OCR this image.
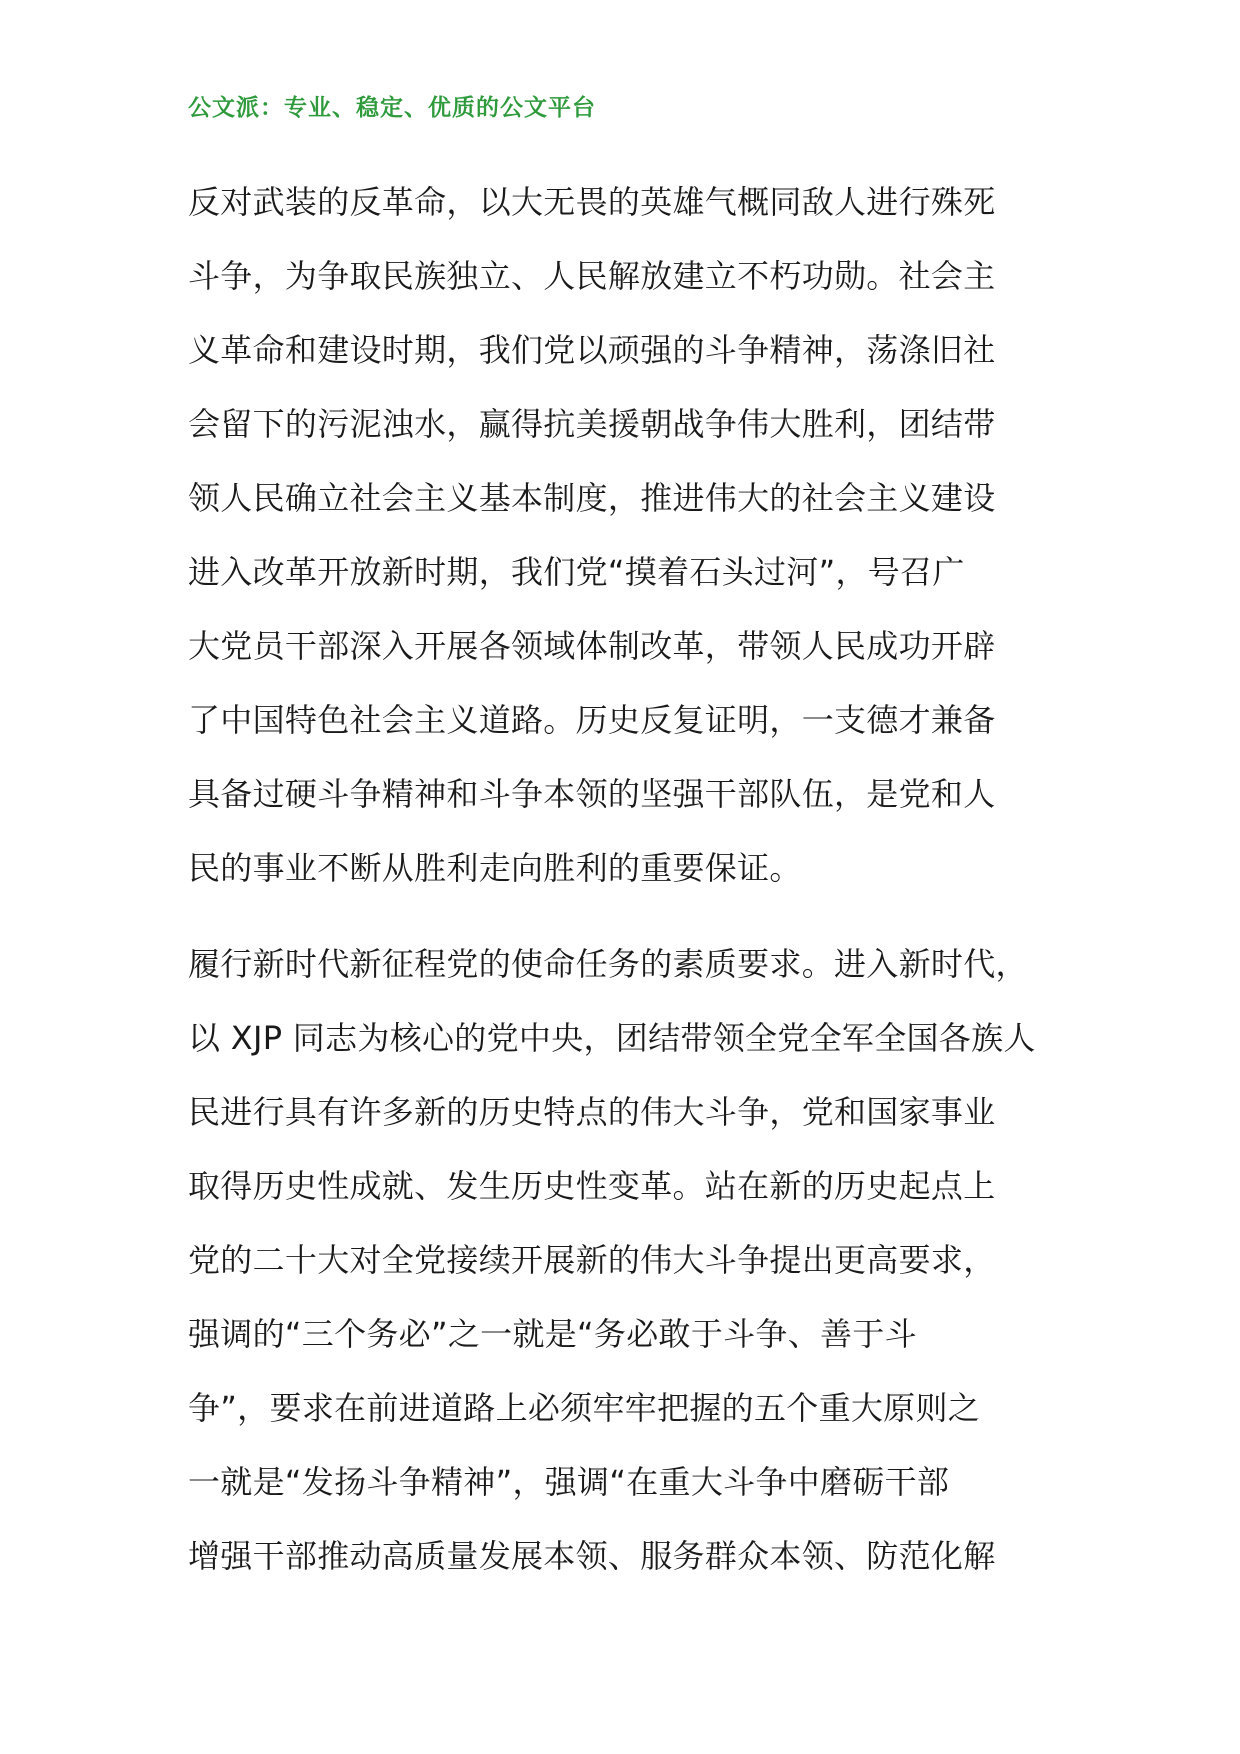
公文派：专业、稳定、优质的公文平台
反对武装的反革命，以大无畏的英雄气概同敌人进行殊死
斗争，为争取民族独立、人民解放建立不朽功勋。社会主
义革命和建设时期，我们党以顽强的斗争精神，荡涤旧社
会留下的污泥浊水，赢得抗美援朝战争伟大胜利，团结带
领人民确立社会主义基本制度，推进伟大的社会主义建设
进入改革开放新时期，我们党“摸着石头过河”，号召广
大党员干部深入开展各领域体制改革，带领人民成功开辟
了中国特色社会主义道路。历史反复证明，一支德才兼备
具备过硬斗争精神和斗争本领的坚强干部队伍，是党和人
民的事业不断从胜利走向胜利的重要保证。
履行新时代新征程党的使命任务的素质要求。进入新时代，
以 XJP 同志为核心的党中央，团结带领全党全军全国各族人
民进行具有许多新的历史特点的伟大斗争，党和国家事业
取得历史性成就、发生历史性变革。站在新的历史起点上
党的二十大对全党接续开展新的伟大斗争提出更高要求，
强调的“三个务必”之一就是“务必敢于斗争、善于斗
争”，要求在前进道路上必须牢牢把握的五个重大原则之
一就是“发扬斗争精神”，强调“在重大斗争中磨砺干部
增强干部推动高质量发展本领、服务群众本领、防范化解
